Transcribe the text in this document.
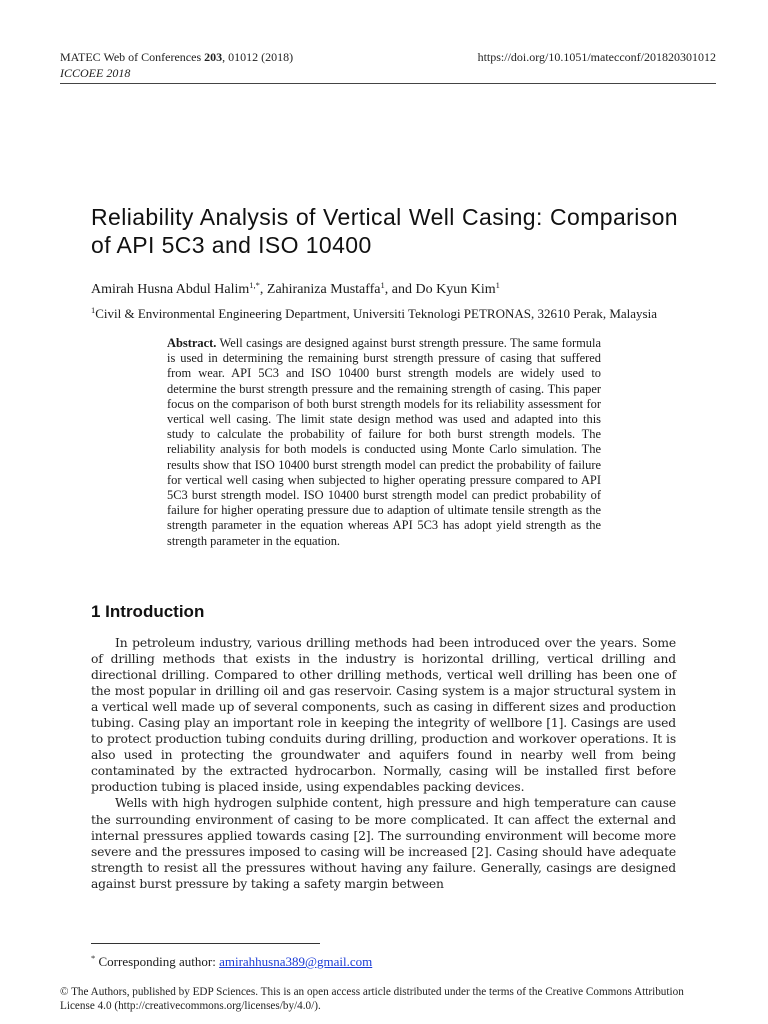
MATEC Web of Conferences 203, 01012 (2018)	https://doi.org/10.1051/matecconf/201820301012
ICCOEE 2018
Reliability Analysis of Vertical Well Casing: Comparison of API 5C3 and ISO 10400
Amirah Husna Abdul Halim$^{1,*}$, Zahiraniza Mustaffa$^1$, and Do Kyun Kim$^1$
$^1$Civil & Environmental Engineering Department, Universiti Teknologi PETRONAS, 32610 Perak, Malaysia

Abstract. Well casings are designed against burst strength pressure. The same formula is used in determining the remaining burst strength pressure of casing that suffered from wear. API 5C3 and ISO 10400 burst strength models are widely used to determine the burst strength pressure and the remaining strength of casing. This paper focus on the comparison of both burst strength models for its reliability assessment for vertical well casing. The limit state design method was used and adapted into this study to calculate the probability of failure for both burst strength models. The reliability analysis for both models is conducted using Monte Carlo simulation. The results show that ISO 10400 burst strength model can predict the probability of failure for vertical well casing when subjected to higher operating pressure compared to API 5C3 burst strength model. ISO 10400 burst strength model can predict probability of failure for higher operating pressure due to adaption of ultimate tensile strength as the strength parameter in the equation whereas API 5C3 has adopt yield strength as the strength parameter in the equation.

1 Introduction

In petroleum industry, various drilling methods had been introduced over the years. Some of drilling methods that exists in the industry is horizontal drilling, vertical drilling and directional drilling. Compared to other drilling methods, vertical well drilling has been one of the most popular in drilling oil and gas reservoir. Casing system is a major structural system in a vertical well made up of several components, such as casing in different sizes and production tubing. Casing play an important role in keeping the integrity of wellbore [1]. Casings are used to protect production tubing conduits during drilling, production and workover operations. It is also used in protecting the groundwater and aquifers found in nearby well from being contaminated by the extracted hydrocarbon. Normally, casing will be installed first before production tubing is placed inside, using expendables packing devices.

Wells with high hydrogen sulphide content, high pressure and high temperature can cause the surrounding environment of casing to be more complicated. It can affect the external and internal pressures applied towards casing [2]. The surrounding environment will become more severe and the pressures imposed to casing will be increased [2]. Casing should have adequate strength to resist all the pressures without having any failure. Generally, casings are designed against burst pressure by taking a safety margin between

* Corresponding author: amirahhusna389@gmail.com
© The Authors, published by EDP Sciences. This is an open access article distributed under the terms of the Creative Commons Attribution License 4.0 (http://creativecommons.org/licenses/by/4.0/).
